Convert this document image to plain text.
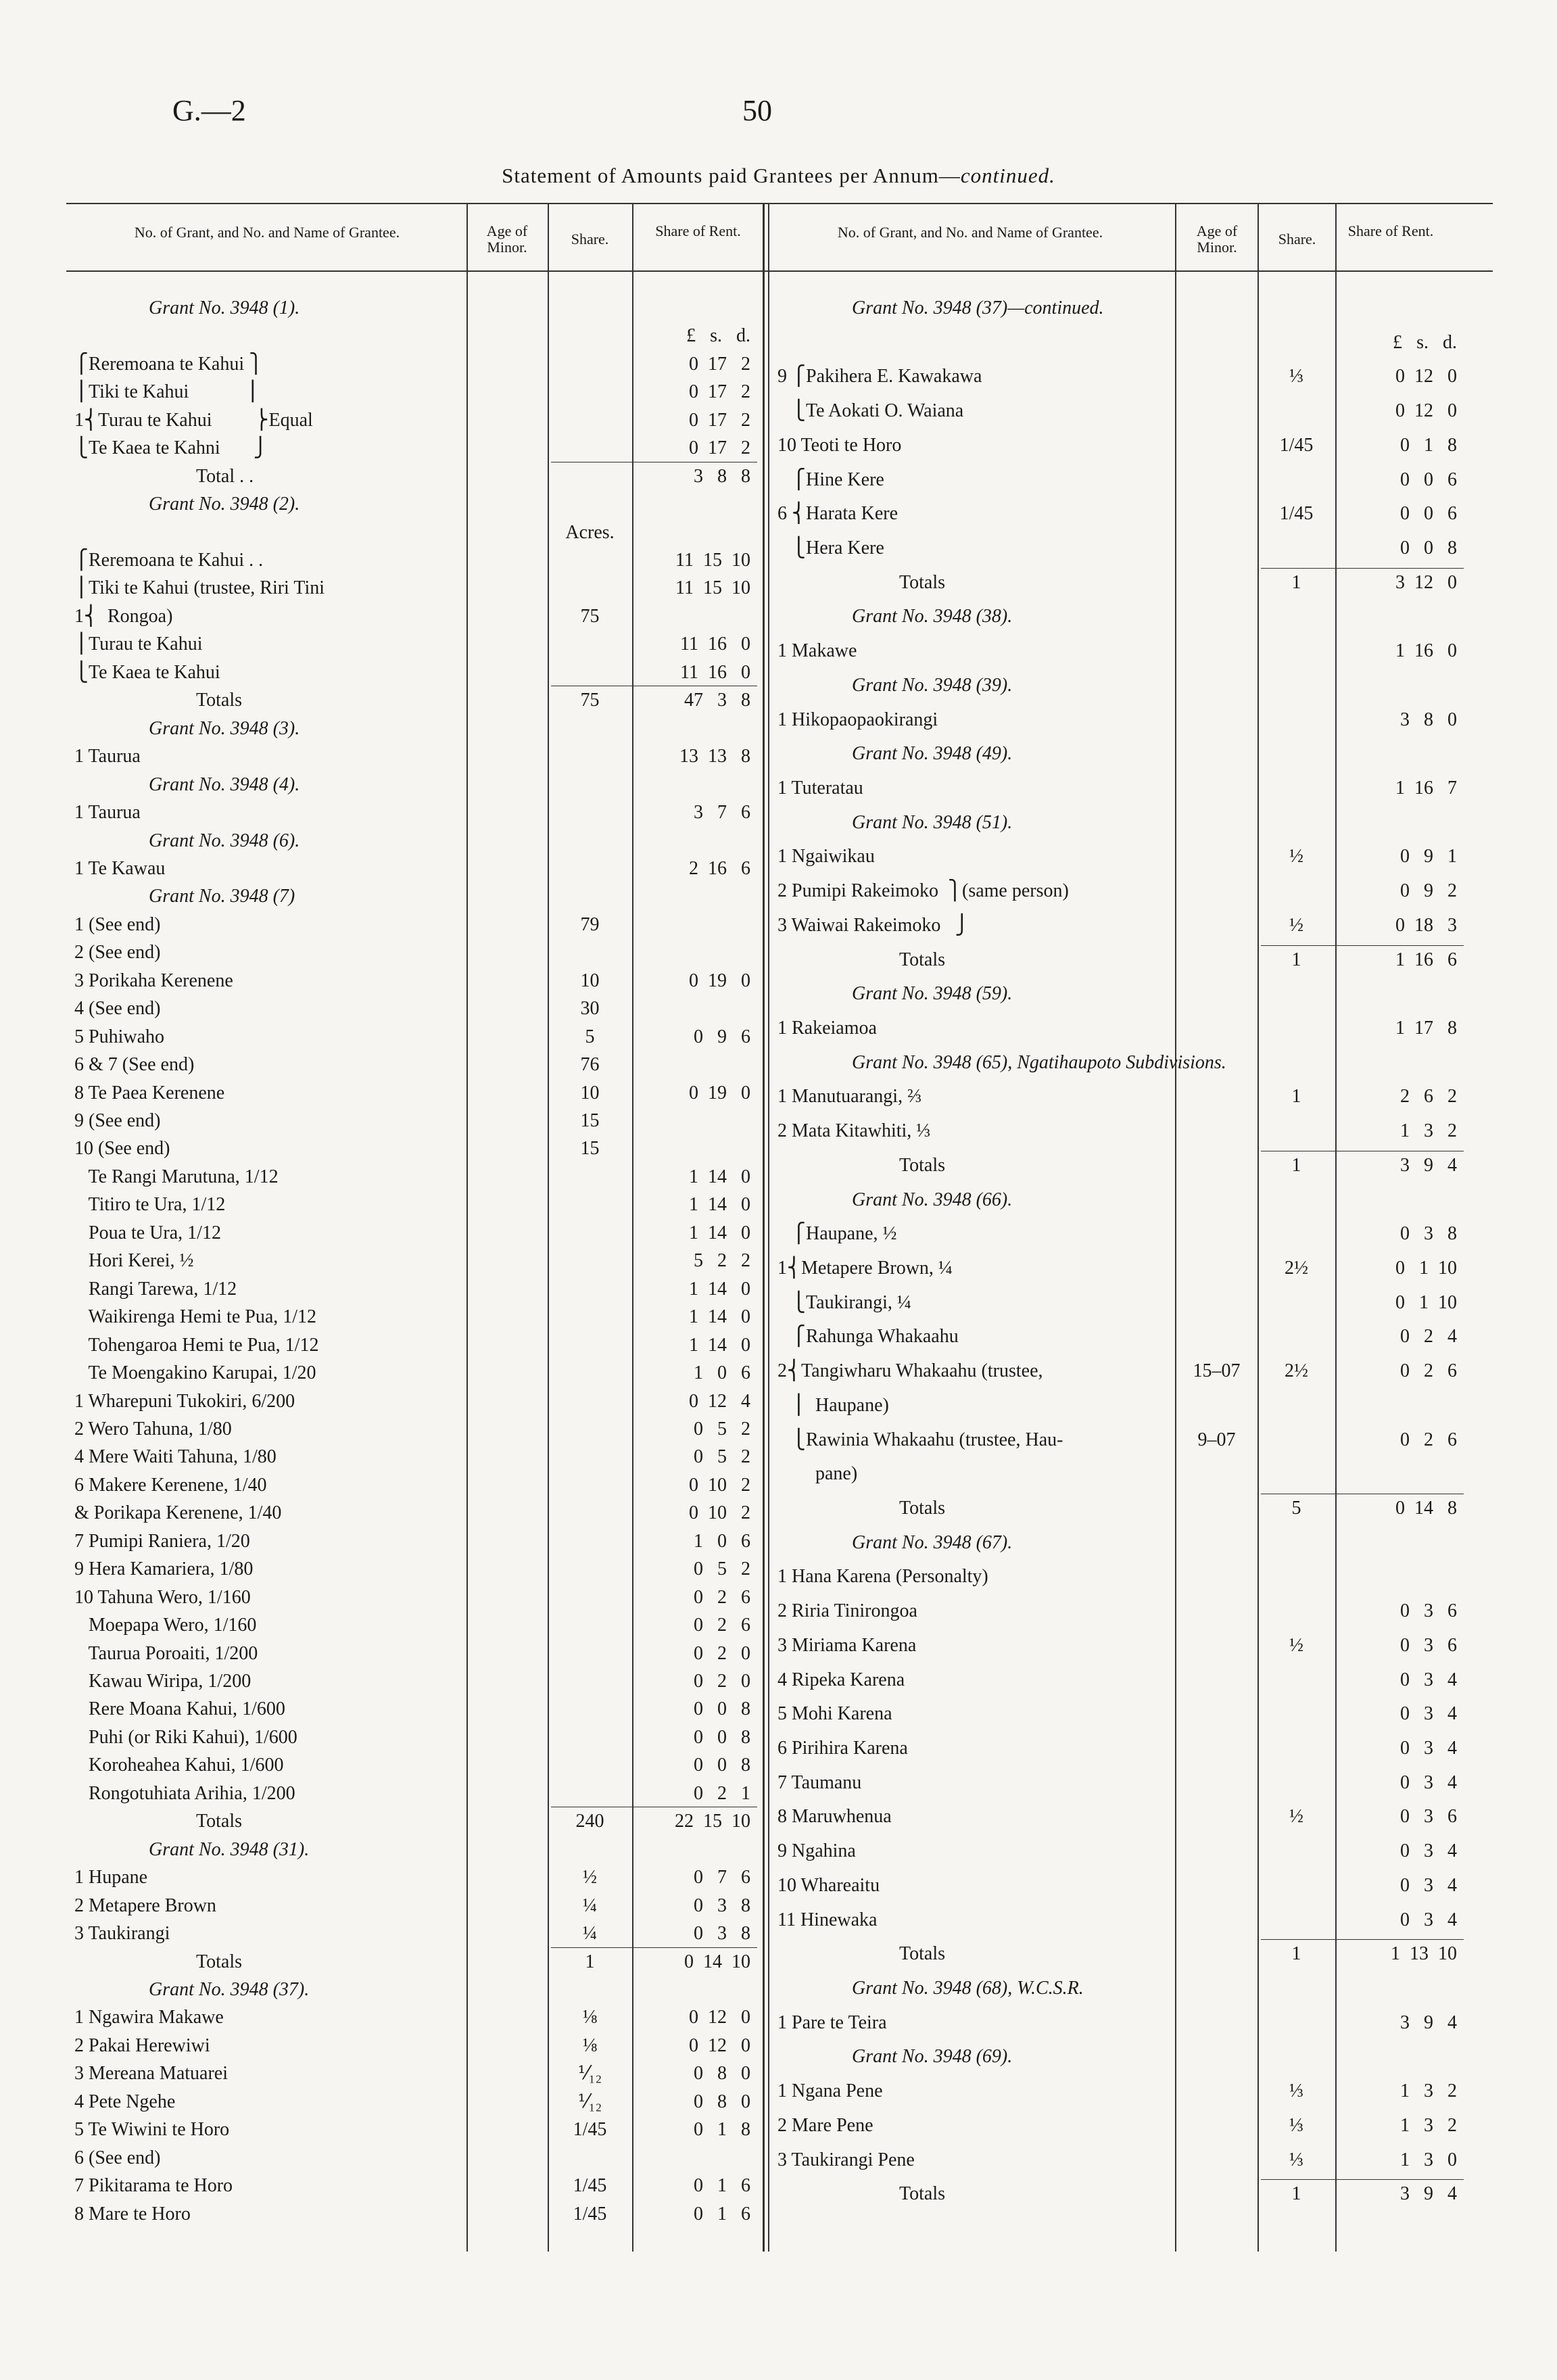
G.—2	50
Statement of Amounts paid Grantees per Annum—continued.
No. of Grant, and No. and Name of Grantee.	Age of Minor.	Share.	Share of Rent.	No. of Grant, and No. and Name of Grantee.	Age of Minor.	Share.	Share of Rent.
Grant No. 3948 (1).
£   s.   d.
⎧Reremoana te Kahui ⎫	0  17   2
⎪Tiki te Kahui            ⎪	0  17   2
1⎨Turau te Kahui         ⎬Equal	0  17   2
⎩Te Kaea te Kahni       ⎭	0  17   2
Total . .	3   8   8
Grant No. 3948 (2).
Acres.
⎧Reremoana te Kahui . .	11  15  10
⎪Tiki te Kahui (trustee, Riri Tini	11  15  10
1⎨  Rongoa)	75
⎪Turau te Kahui	11  16   0
⎩Te Kaea te Kahui	11  16   0
Totals	75	47   3   8
Grant No. 3948 (3).
1 Taurua	13  13   8
Grant No. 3948 (4).
1 Taurua	3   7   6
Grant No. 3948 (6).
1 Te Kawau	2  16   6
Grant No. 3948 (7)
1 (See end)	79
2 (See end)
3 Porikaha Kerenene	10	0  19   0
4 (See end)	30
5 Puhiwaho	5	0   9   6
6 & 7 (See end)	76
8 Te Paea Kerenene	10	0  19   0
9 (See end)	15
10 (See end)	15
Te Rangi Marutuna, 1/12	1  14   0
Titiro te Ura, 1/12	1  14   0
Poua te Ura, 1/12	1  14   0
Hori Kerei, ½	5   2   2
Rangi Tarewa, 1/12	1  14   0
Waikirenga Hemi te Pua, 1/12	1  14   0
Tohengaroa Hemi te Pua, 1/12	1  14   0
Te Moengakino Karupai, 1/20	1   0   6
1 Wharepuni Tukokiri, 6/200	0  12   4
2 Wero Tahuna, 1/80	0   5   2
4 Mere Waiti Tahuna, 1/80	0   5   2
6 Makere Kerenene, 1/40	0  10   2
& Porikapa Kerenene, 1/40	0  10   2
7 Pumipi Raniera, 1/20	1   0   6
9 Hera Kamariera, 1/80	0   5   2
10 Tahuna Wero, 1/160	0   2   6
Moepapa Wero, 1/160	0   2   6
Taurua Poroaiti, 1/200	0   2   0
Kawau Wiripa, 1/200	0   2   0
Rere Moana Kahui, 1/600	0   0   8
Puhi (or Riki Kahui), 1/600	0   0   8
Koroheahea Kahui, 1/600	0   0   8
Rongotuhiata Arihia, 1/200	0   2   1
Totals	240	22  15  10
Grant No. 3948 (31).
1 Hupane	½	0   7   6
2 Metapere Brown	¼	0   3   8
3 Taukirangi	¼	0   3   8
Totals	1	0  14  10
Grant No. 3948 (37).
1 Ngawira Makawe	⅛	0  12   0
2 Pakai Herewiwi	⅛	0  12   0
3 Mereana Matuarei	⅟₁₂	0   8   0
4 Pete Ngehe	⅟₁₂	0   8   0
5 Te Wiwini te Horo	1/45	0   1   8
6 (See end)
7 Pikitarama te Horo	1/45	0   1   6
8 Mare te Horo	1/45	0   1   6
Grant No. 3948 (37)—continued.
£   s.   d.
9 ⎧Pakihera E. Kawakawa	⅓	0  12   0
⎩Te Aokati O. Waiana	0  12   0
10 Teoti te Horo	1/45	0   1   8
⎧Hine Kere	0   0   6
6 ⎨Harata Kere	1/45	0   0   6
⎩Hera Kere	0   0   8
Totals	1	3  12   0
Grant No. 3948 (38).
1 Makawe	1  16   0
Grant No. 3948 (39).
1 Hikopaopaokirangi	3   8   0
Grant No. 3948 (49).
1 Tuteratau	1  16   7
Grant No. 3948 (51).
1 Ngaiwikau	½	0   9   1
2 Pumipi Rakeimoko  ⎫(same person)	0   9   2
3 Waiwai Rakeimoko   ⎭	½	0  18   3
Totals	1	1  16   6
Grant No. 3948 (59).
1 Rakeiamoa	1  17   8
Grant No. 3948 (65), Ngatihaupoto Subdivisions.
1 Manutuarangi, ⅔	1	2   6   2
2 Mata Kitawhiti, ⅓	1   3   2
Totals	1	3   9   4
Grant No. 3948 (66).
⎧Haupane, ½	0   3   8
1⎨Metapere Brown, ¼	2½	0   1  10
⎩Taukirangi, ¼	0   1  10
⎧Rahunga Whakaahu	0   2   4
2⎨Tangiwharu Whakaahu (trustee,	15–07	2½	0   2   6
⎪  Haupane)
⎩Rawinia Whakaahu (trustee, Hau-	9–07	0   2   6
pane)
Totals	5	0  14   8
Grant No. 3948 (67).
1 Hana Karena (Personalty)
2 Riria Tinirongoa	0   3   6
3 Miriama Karena	½	0   3   6
4 Ripeka Karena	0   3   4
5 Mohi Karena	0   3   4
6 Pirihira Karena	0   3   4
7 Taumanu	0   3   4
8 Maruwhenua	½	0   3   6
9 Ngahina	0   3   4
10 Whareaitu	0   3   4
11 Hinewaka	0   3   4
Totals	1	1  13  10
Grant No. 3948 (68), W.C.S.R.
1 Pare te Teira	3   9   4
Grant No. 3948 (69).
1 Ngana Pene	⅓	1   3   2
2 Mare Pene	⅓	1   3   2
3 Taukirangi Pene	⅓	1   3   0
Totals	1	3   9   4
